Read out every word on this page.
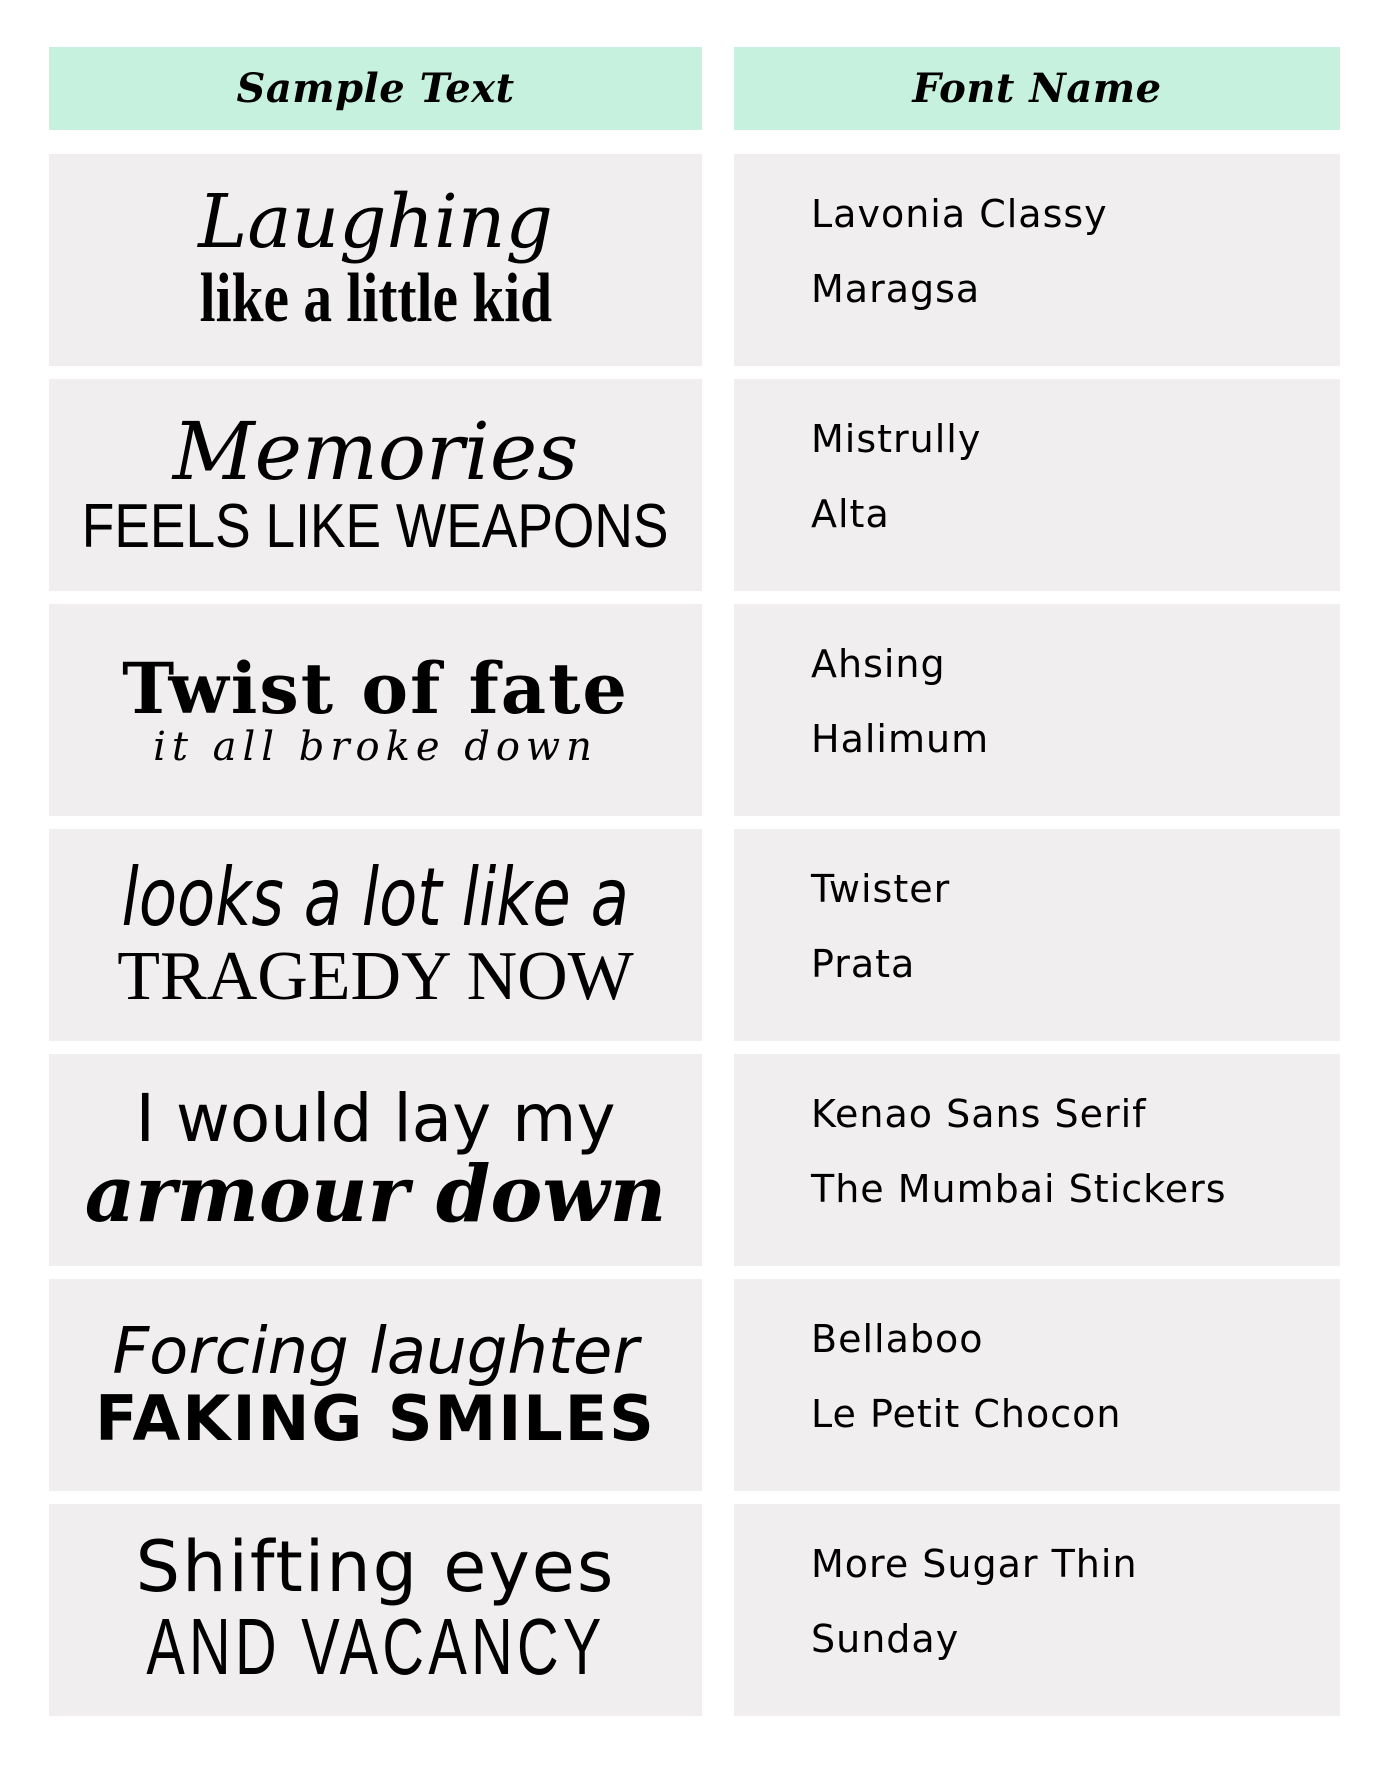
Sample Text	Font Name
Laughing
like a little kid
Lavonia Classy
Maragsa
Memories
FEELS LIKE WEAPONS
Mistrully
Alta
Twist of fate
it all broke down
Ahsing
Halimum
looks a lot like a
TRAGEDY NOW
Twister
Prata
I would lay my
armour down
Kenao Sans Serif
The Mumbai Stickers
Forcing laughter
FAKING SMILES
Bellaboo
Le Petit Chocon
Shifting eyes
AND VACANCY
More Sugar Thin
Sunday
